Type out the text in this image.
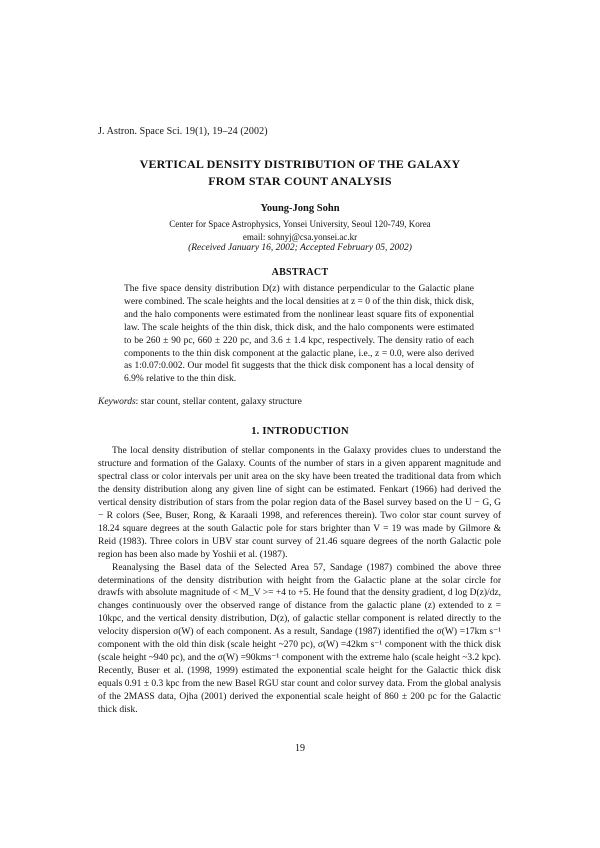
J. Astron. Space Sci. 19(1), 19–24 (2002)
VERTICAL DENSITY DISTRIBUTION OF THE GALAXY
FROM STAR COUNT ANALYSIS
Young-Jong Sohn
Center for Space Astrophysics, Yonsei University, Seoul 120-749, Korea
email: sohnyj@csa.yonsei.ac.kr
(Received January 16, 2002; Accepted February 05, 2002)
ABSTRACT
The five space density distribution D(z) with distance perpendicular to the Galactic plane were combined. The scale heights and the local densities at z = 0 of the thin disk, thick disk, and the halo components were estimated from the nonlinear least square fits of exponential law. The scale heights of the thin disk, thick disk, and the halo components were estimated to be 260 ± 90 pc, 660 ± 220 pc, and 3.6 ± 1.4 kpc, respectively. The density ratio of each components to the thin disk component at the galactic plane, i.e., z = 0.0, were also derived as 1:0.07:0.002. Our model fit suggests that the thick disk component has a local density of 6.9% relative to the thin disk.
Keywords: star count, stellar content, galaxy structure
1. INTRODUCTION

The local density distribution of stellar components in the Galaxy provides clues to understand the structure and formation of the Galaxy. Counts of the number of stars in a given apparent magnitude and spectral class or color intervals per unit area on the sky have been treated the traditional data from which the density distribution along any given line of sight can be estimated. Fenkart (1966) had derived the vertical density distribution of stars from the polar region data of the Basel survey based on the U − G, G − R colors (See, Buser, Rong, & Karaali 1998, and references therein). Two color star count survey of 18.24 square degrees at the south Galactic pole for stars brighter than V = 19 was made by Gilmore & Reid (1983). Three colors in UBV star count survey of 21.46 square degrees of the north Galactic pole region has been also made by Yoshii et al. (1987).

Reanalysing the Basel data of the Selected Area 57, Sandage (1987) combined the above three determinations of the density distribution with height from the Galactic plane at the solar circle for drawfs with absolute magnitude of < M_V >= +4 to +5. He found that the density gradient, d log D(z)/dz, changes continuously over the observed range of distance from the galactic plane (z) extended to z = 10kpc, and the vertical density distribution, D(z), of galactic stellar component is related directly to the velocity dispersion σ(W) of each component. As a result, Sandage (1987) identified the σ(W) =17km s⁻¹ component with the old thin disk (scale height ~270 pc), σ(W) =42km s⁻¹ component with the thick disk (scale height ~940 pc), and the σ(W) =90kms⁻¹ component with the extreme halo (scale height ~3.2 kpc). Recently, Buser et al. (1998, 1999) estimated the exponential scale height for the Galactic thick disk equals 0.91 ± 0.3 kpc from the new Basel RGU star count and color survey data. From the global analysis of the 2MASS data, Ojha (2001) derived the exponential scale height of 860 ± 200 pc for the Galactic thick disk.

19
